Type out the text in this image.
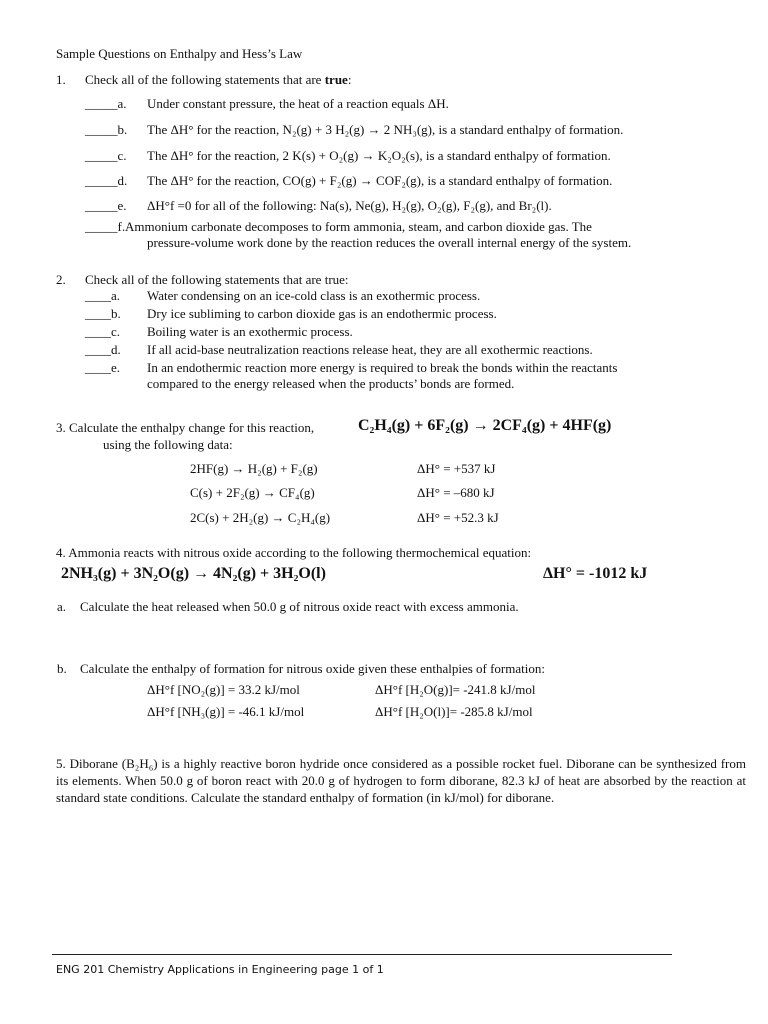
Sample Questions on Enthalpy and Hess’s Law
1. Check all of the following statements that are true:
_____a. Under constant pressure, the heat of a reaction equals ΔH.
_____b. The ΔH° for the reaction, N₂(g) + 3 H₂(g) → 2 NH₃(g), is a standard enthalpy of formation.
_____c. The ΔH° for the reaction, 2 K(s) + O₂(g) → K₂O₂(s), is a standard enthalpy of formation.
_____d. The ΔH° for the reaction, CO(g) + F₂(g) → COF₂(g), is a standard enthalpy of formation.
_____e. ΔH°f =0 for all of the following: Na(s), Ne(g), H₂(g), O₂(g), F₂(g), and Br₂(l).
_____f. Ammonium carbonate decomposes to form ammonia, steam, and carbon dioxide gas. The
pressure-volume work done by the reaction reduces the overall internal energy of the system.
2. Check all of the following statements that are true:
____a. Water condensing on an ice-cold class is an exothermic process.
____b. Dry ice subliming to carbon dioxide gas is an endothermic process.
____c. Boiling water is an exothermic process.
____d. If all acid-base neutralization reactions release heat, they are all exothermic reactions.
____e. In an endothermic reaction more energy is required to break the bonds within the reactants
compared to the energy released when the products’ bonds are formed.
3. Calculate the enthalpy change for this reaction,	C₂H₄(g) + 6F₂(g) → 2CF₄(g) + 4HF(g)
using the following data:
2HF(g) → H₂(g) + F₂(g)	ΔH° = +537 kJ
C(s) + 2F₂(g) → CF₄(g)	ΔH° = –680 kJ
2C(s) + 2H₂(g) → C₂H₄(g)	ΔH° = +52.3 kJ
4. Ammonia reacts with nitrous oxide according to the following thermochemical equation:
2NH₃(g) + 3N₂O(g) → 4N₂(g) + 3H₂O(l)	ΔH° = -1012 kJ
a. Calculate the heat released when 50.0 g of nitrous oxide react with excess ammonia.
b. Calculate the enthalpy of formation for nitrous oxide given these enthalpies of formation:
ΔH°f [NO₂(g)] = 33.2 kJ/mol	ΔH°f [H₂O(g)]= -241.8 kJ/mol
ΔH°f [NH₃(g)] = -46.1 kJ/mol	ΔH°f [H₂O(l)]= -285.8 kJ/mol
5. Diborane (B₂H₆) is a highly reactive boron hydride once considered as a possible rocket fuel. Diborane can be synthesized from its elements. When 50.0 g of boron react with 20.0 g of hydrogen to form diborane, 82.3 kJ of heat are absorbed by the reaction at standard state conditions. Calculate the standard enthalpy of formation (in kJ/mol) for diborane.
ENG 201 Chemistry Applications in Engineering page 1 of 1
